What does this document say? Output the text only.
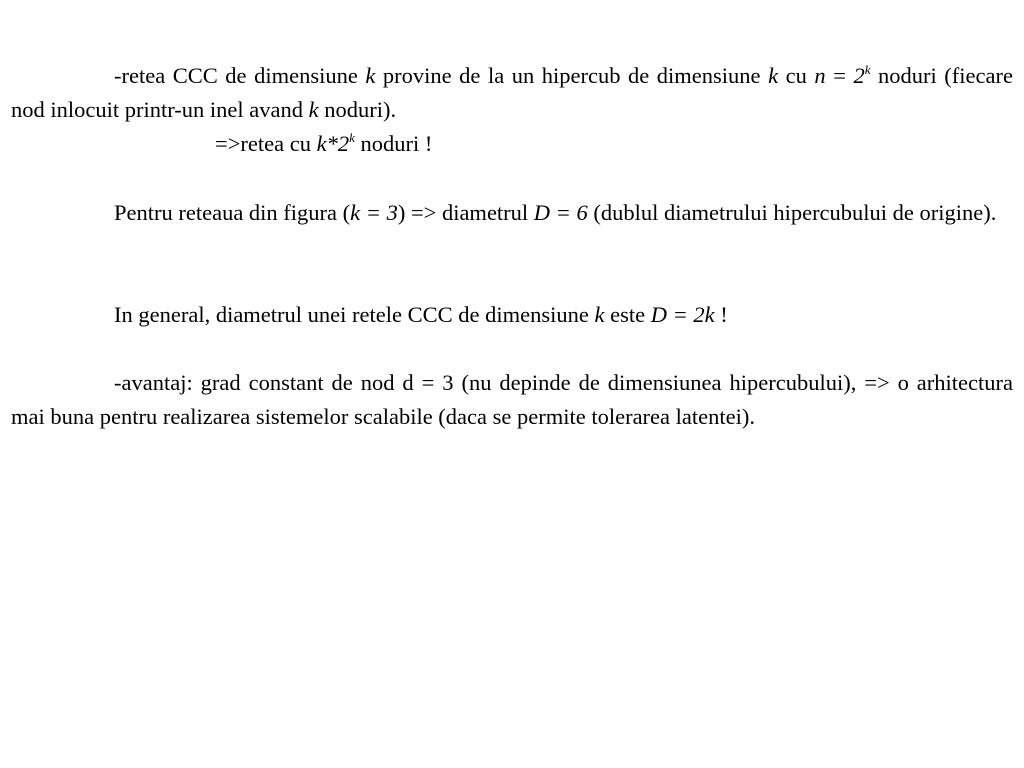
-retea CCC de dimensiune k provine de la un hipercub de dimensiune k cu $n = 2^k$ noduri (fiecare nod inlocuit printr-un inel avand k noduri).

=>retea cu k*2$^k$ noduri !

Pentru reteaua din figura (k = 3) => diametrul D = 6 (dublul diametrului hipercubului de origine).

In general, diametrul unei retele CCC de dimensiune k este D = 2k !

-avantaj: grad constant de nod d = 3 (nu depinde de dimensiunea hipercubului), => o arhitectura mai buna pentru realizarea sistemelor scalabile (daca se permite tolerarea latentei).
